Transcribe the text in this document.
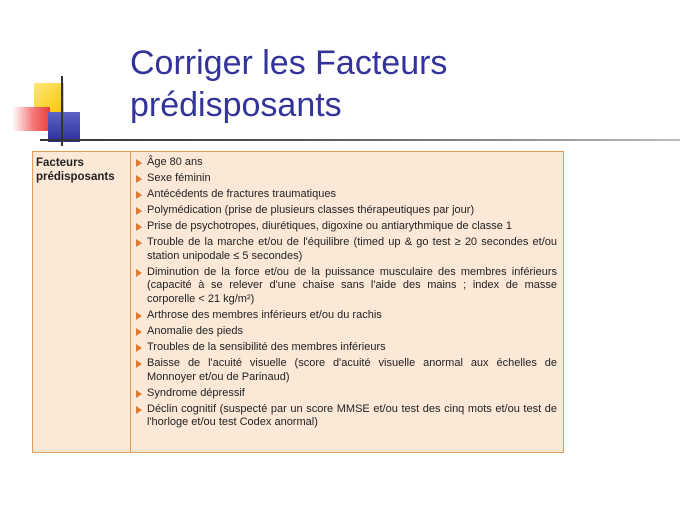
Corriger les Facteurs
prédisposants
Facteurs
prédisposants
Âge 80 ans
Sexe féminin
Antécédents de fractures traumatiques
Polymédication (prise de plusieurs classes thérapeutiques par jour)
Prise de psychotropes, diurétiques, digoxine ou antiarythmique de classe 1
Trouble de la marche et/ou de l'équilibre (timed up & go test ≥ 20 secondes et/ou station unipodale ≤ 5 secondes)
Diminution de la force et/ou de la puissance musculaire des membres inférieurs (capacité à se relever d'une chaise sans l'aide des mains ; index de masse corporelle < 21 kg/m²)
Arthrose des membres inférieurs et/ou du rachis
Anomalie des pieds
Troubles de la sensibilité des membres inférieurs
Baisse de l'acuité visuelle (score d'acuité visuelle anormal aux échelles de Monnoyer et/ou de Parinaud)
Syndrome dépressif
Déclin cognitif (suspecté par un score MMSE et/ou test des cinq mots et/ou test de l'horloge et/ou test Codex anormal)
